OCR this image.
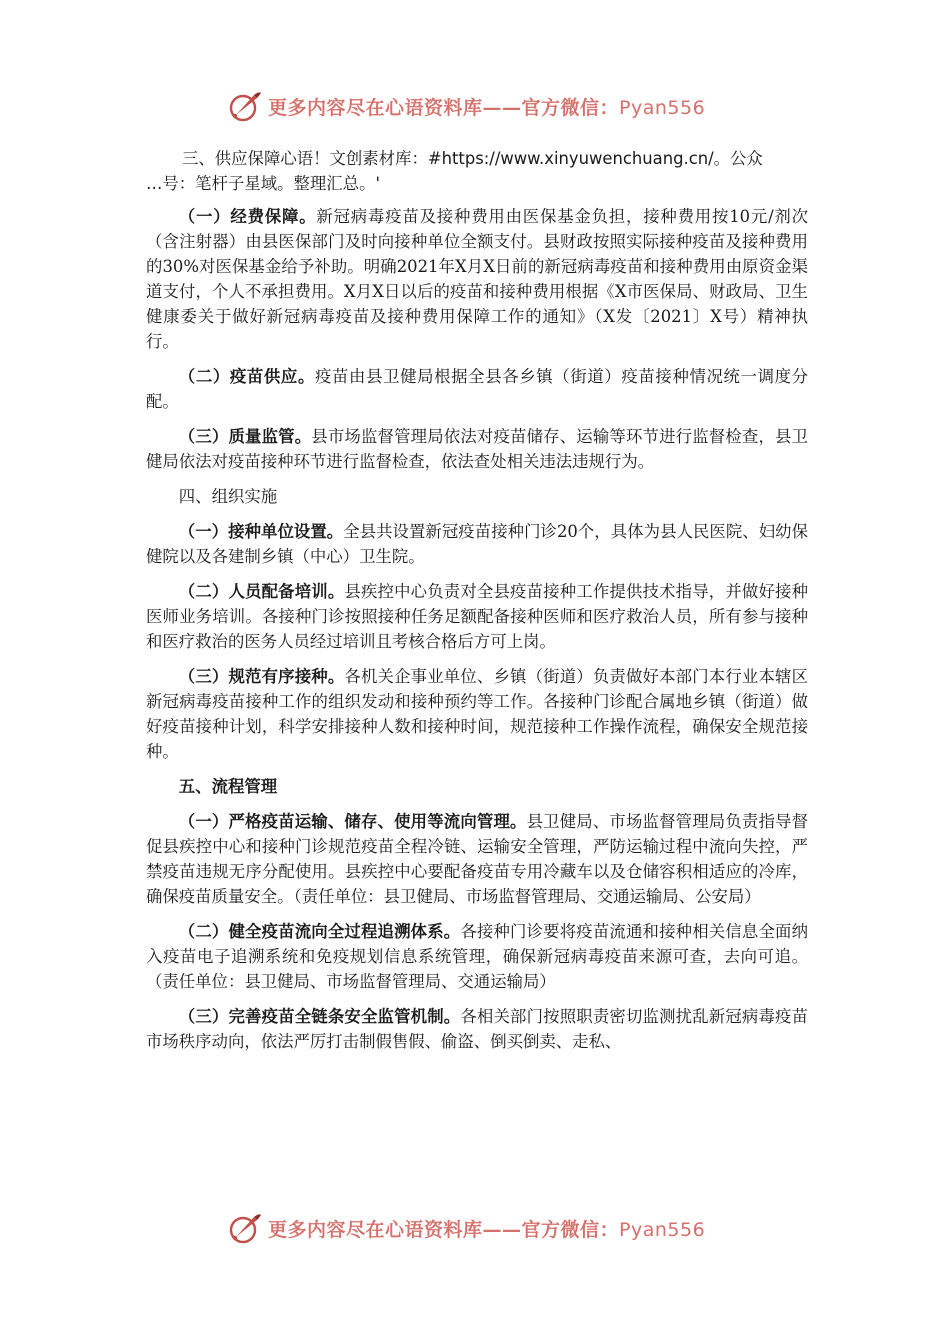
更多内容尽在心语资料库——官方微信：Pyan556

三、供应保障心语！文创素材库：#https://www.xinyuwenchuang.cn/。公众
…号：笔杆子星域。整理汇总。'

（一）经费保障。新冠病毒疫苗及接种费用由医保基金负担，接种费用按10元/剂次（含注射器）由县医保部门及时向接种单位全额支付。县财政按照实际接种疫苗及接种费用的30%对医保基金给予补助。明确2021年X月X日前的新冠病毒疫苗和接种费用由原资金渠道支付，个人不承担费用。X月X日以后的疫苗和接种费用根据《X市医保局、财政局、卫生健康委关于做好新冠病毒疫苗及接种费用保障工作的通知》（X发〔2021〕X号）精神执行。

（二）疫苗供应。疫苗由县卫健局根据全县各乡镇（街道）疫苗接种情况统一调度分配。

（三）质量监管。县市场监督管理局依法对疫苗储存、运输等环节进行监督检查，县卫健局依法对疫苗接种环节进行监督检查，依法查处相关违法违规行为。

四、组织实施

（一）接种单位设置。全县共设置新冠疫苗接种门诊20个，具体为县人民医院、妇幼保健院以及各建制乡镇（中心）卫生院。

（二）人员配备培训。县疾控中心负责对全县疫苗接种工作提供技术指导，并做好接种医师业务培训。各接种门诊按照接种任务足额配备接种医师和医疗救治人员，所有参与接种和医疗救治的医务人员经过培训且考核合格后方可上岗。

（三）规范有序接种。各机关企事业单位、乡镇（街道）负责做好本部门本行业本辖区新冠病毒疫苗接种工作的组织发动和接种预约等工作。各接种门诊配合属地乡镇（街道）做好疫苗接种计划，科学安排接种人数和接种时间，规范接种工作操作流程，确保安全规范接种。

五、流程管理

（一）严格疫苗运输、储存、使用等流向管理。县卫健局、市场监督管理局负责指导督促县疾控中心和接种门诊规范疫苗全程冷链、运输安全管理，严防运输过程中流向失控，严禁疫苗违规无序分配使用。县疾控中心要配备疫苗专用冷藏车以及仓储容积相适应的冷库，确保疫苗质量安全。（责任单位：县卫健局、市场监督管理局、交通运输局、公安局）

（二）健全疫苗流向全过程追溯体系。各接种门诊要将疫苗流通和接种相关信息全面纳入疫苗电子追溯系统和免疫规划信息系统管理，确保新冠病毒疫苗来源可查，去向可追。（责任单位：县卫健局、市场监督管理局、交通运输局）

（三）完善疫苗全链条安全监管机制。各相关部门按照职责密切监测扰乱新冠病毒疫苗市场秩序动向，依法严厉打击制假售假、偷盗、倒买倒卖、走私、

更多内容尽在心语资料库——官方微信：Pyan556
